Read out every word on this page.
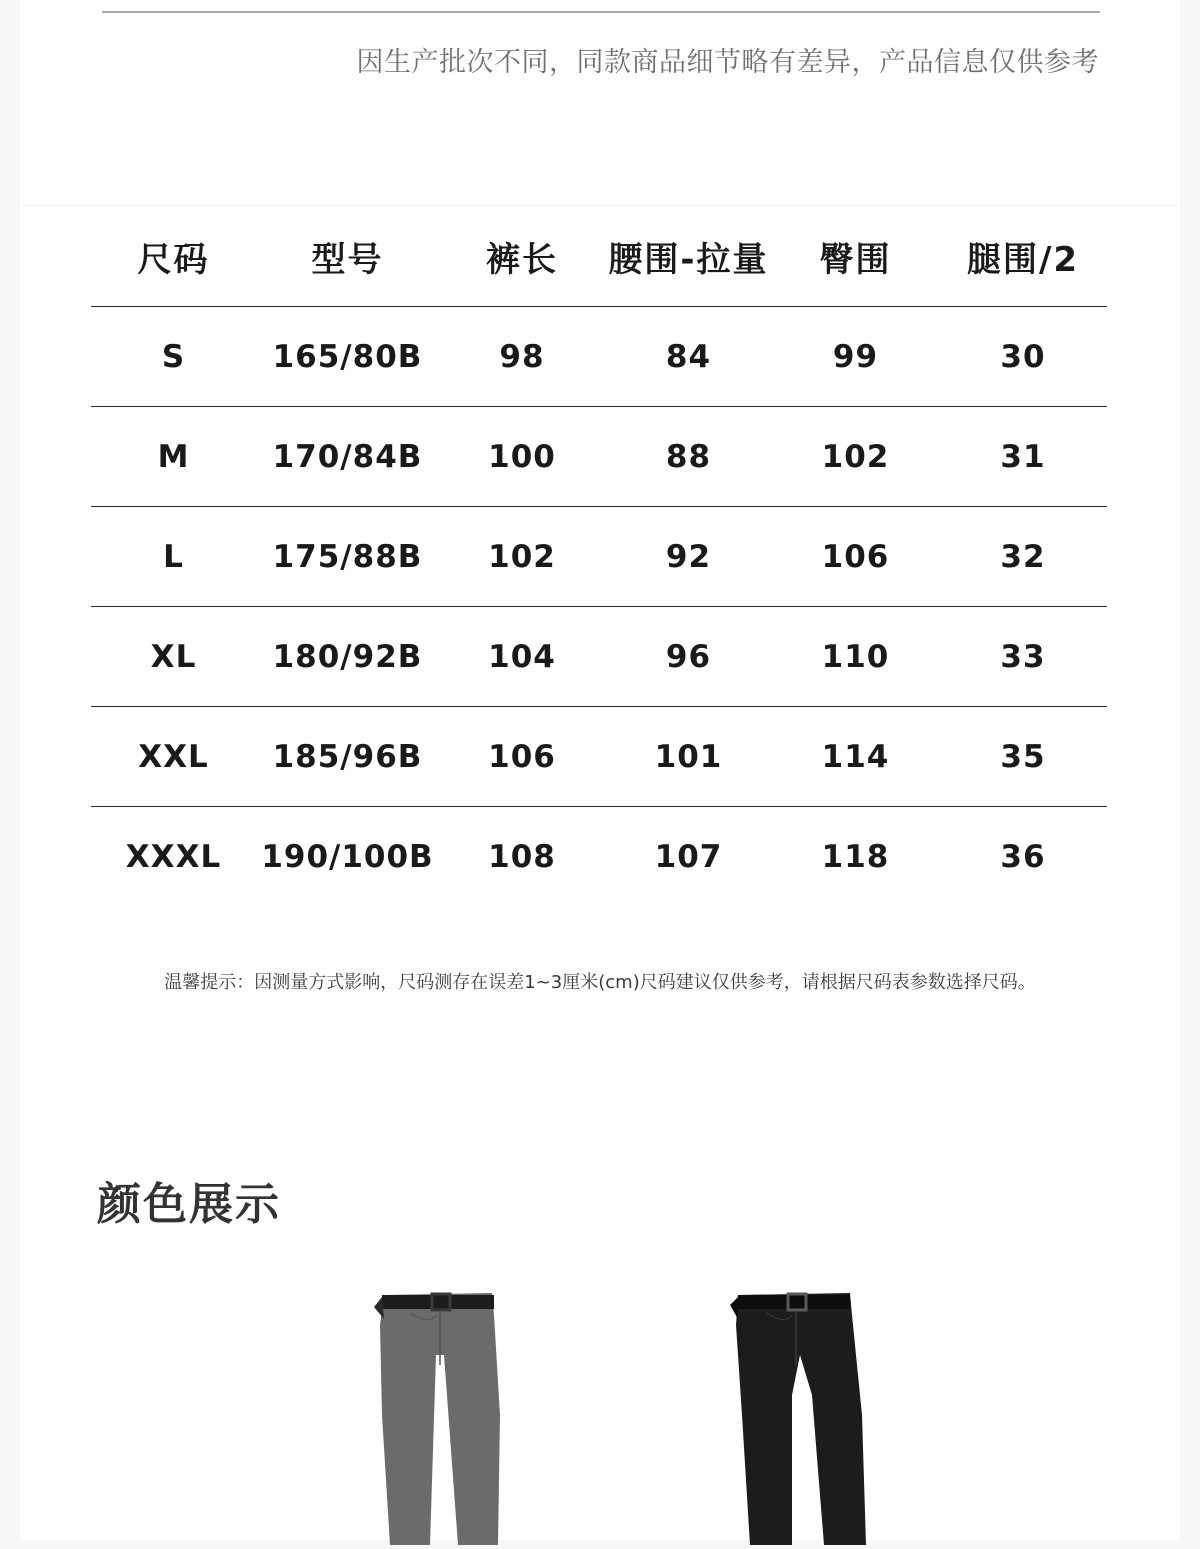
因生产批次不同，同款商品细节略有差异，产品信息仅供参考
尺码	型号	裤长	腰围-拉量	臀围	腿围/2
S	165/80B	98	84	99	30
M	170/84B	100	88	102	31
L	175/88B	102	92	106	32
XL	180/92B	104	96	110	33
XXL	185/96B	106	101	114	35
XXXL	190/100B	108	107	118	36
温馨提示：因测量方式影响，尺码测存在误差1~3厘米(cm)尺码建议仅供参考，请根据尺码表参数选择尺码。
颜色展示
